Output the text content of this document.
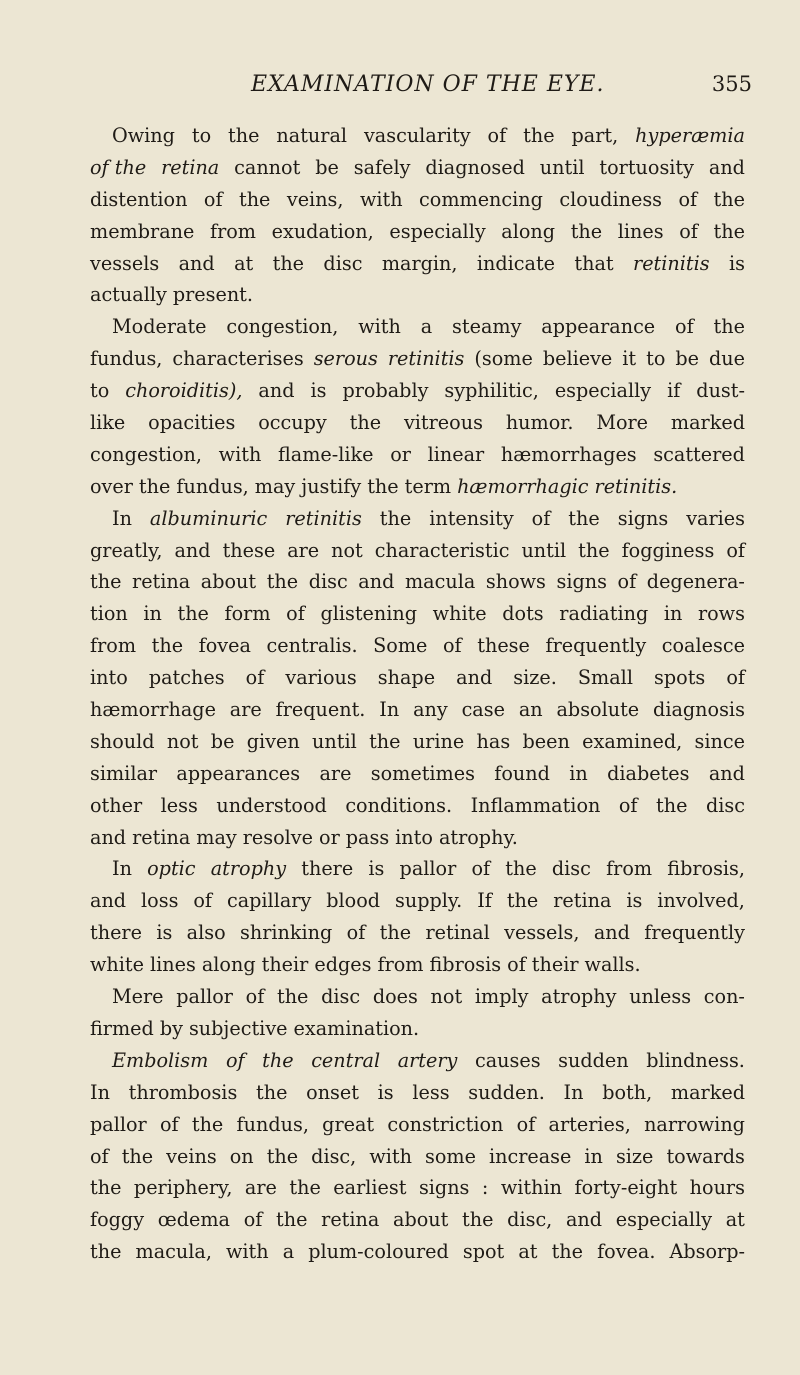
EXAMINATION OF THE EYE.	355
Owing to the natural vascularity of the part, hyperæmia
of the retina cannot be safely diagnosed until tortuosity and
distention of the veins, with commencing cloudiness of the
membrane from exudation, especially along the lines of the
vessels and at the disc margin, indicate that retinitis is
actually present.
Moderate congestion, with a steamy appearance of the
fundus, characterises serous retinitis (some believe it to be due
to choroiditis), and is probably syphilitic, especially if dust-
like opacities occupy the vitreous humor. More marked
congestion, with flame-like or linear hæmorrhages scattered
over the fundus, may justify the term hæmorrhagic retinitis.
In albuminuric retinitis the intensity of the signs varies
greatly, and these are not characteristic until the fogginess of
the retina about the disc and macula shows signs of degenera-
tion in the form of glistening white dots radiating in rows
from the fovea centralis. Some of these frequently coalesce
into patches of various shape and size. Small spots of
hæmorrhage are frequent. In any case an absolute diagnosis
should not be given until the urine has been examined, since
similar appearances are sometimes found in diabetes and
other less understood conditions. Inflammation of the disc
and retina may resolve or pass into atrophy.
In optic atrophy there is pallor of the disc from fibrosis,
and loss of capillary blood supply. If the retina is involved,
there is also shrinking of the retinal vessels, and frequently
white lines along their edges from fibrosis of their walls.
Mere pallor of the disc does not imply atrophy unless con-
firmed by subjective examination.
Embolism of the central artery causes sudden blindness.
In thrombosis the onset is less sudden. In both, marked
pallor of the fundus, great constriction of arteries, narrowing
of the veins on the disc, with some increase in size towards
the periphery, are the earliest signs : within forty-eight hours
foggy œdema of the retina about the disc, and especially at
the macula, with a plum-coloured spot at the fovea. Absorp-
